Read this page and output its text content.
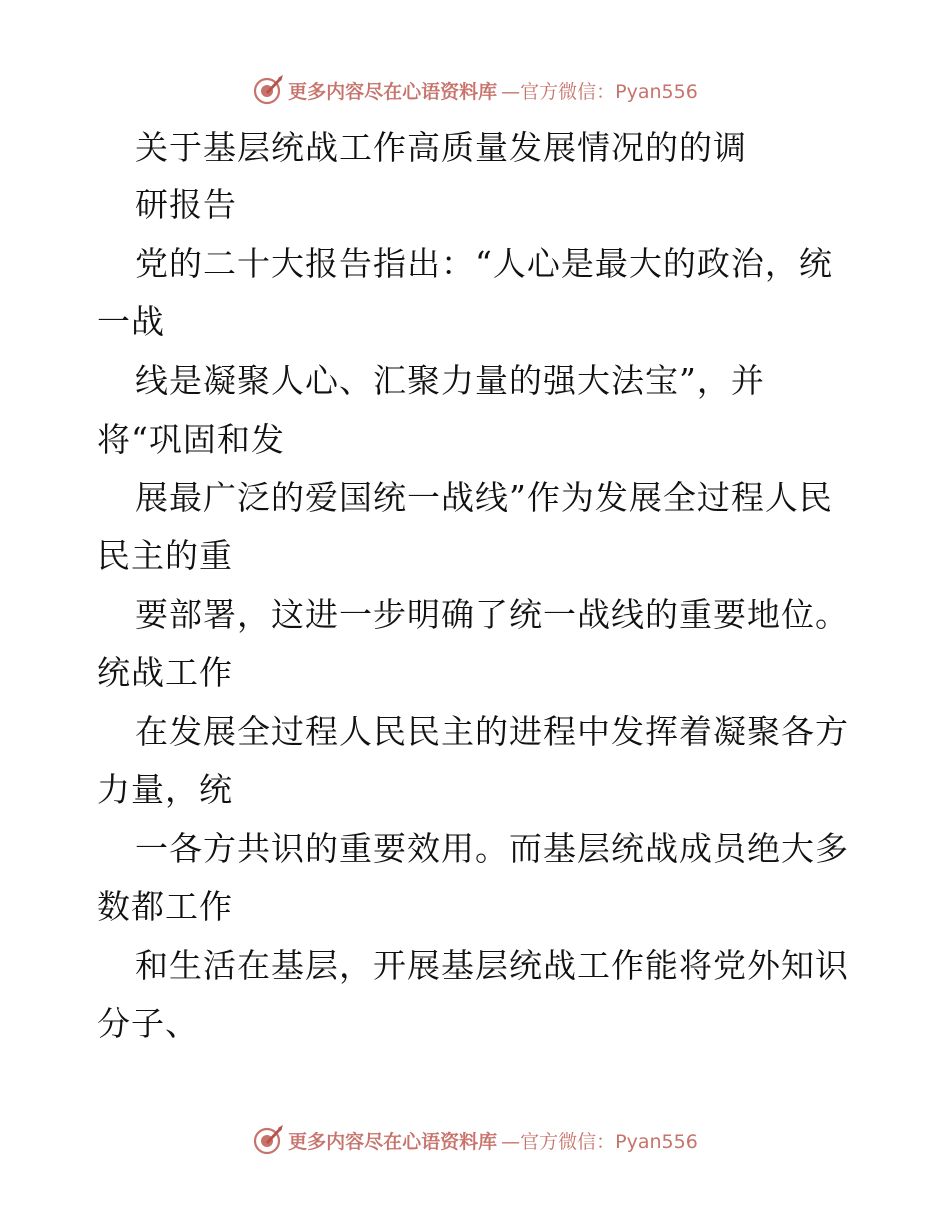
更多内容尽在心语资料库 —官方微信：Pyan556
关于基层统战工作高质量发展情况的的调
研报告
党的二十大报告指出：“人心是最大的政治，统
一战
线是凝聚人心、汇聚力量的强大法宝”，并
将“巩固和发
展最广泛的爱国统一战线”作为发展全过程人民
民主的重
要部署，这进一步明确了统一战线的重要地位。
统战工作
在发展全过程人民民主的进程中发挥着凝聚各方
力量，统
一各方共识的重要效用。而基层统战成员绝大多
数都工作
和生活在基层，开展基层统战工作能将党外知识
分子、
更多内容尽在心语资料库 —官方微信：Pyan556
